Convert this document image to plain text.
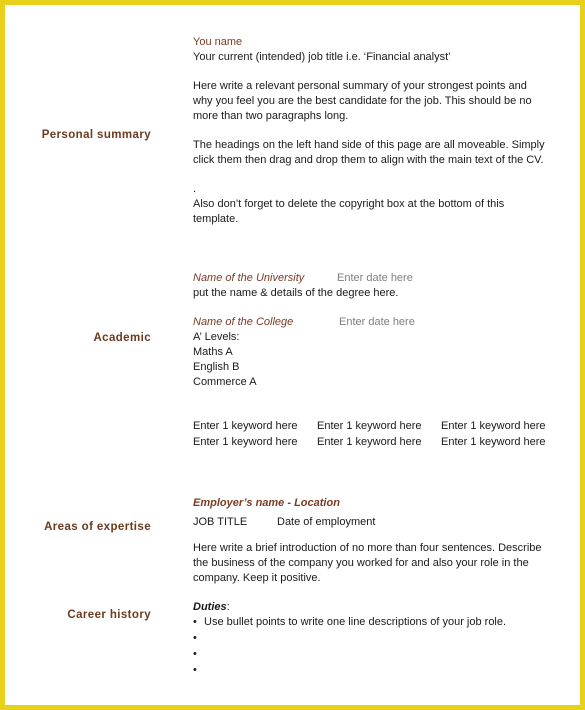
Personal summary
Academic
Areas of expertise
Career history
You name
Your current (intended) job title i.e. ‘Financial analyst’
Here write a relevant personal summary of your strongest points and why you feel you are the best candidate for the job. This should be no more than two paragraphs long.
The headings on the left hand side of this page are all moveable. Simply click them then drag and drop them to align with the main text of the CV.
.
Also don’t forget to delete the copyright box at the bottom of this template.
Name of the University	Enter date here
put the name & details of the degree here.
Name of the College	Enter date here
A’ Levels:
Maths A
English B
Commerce A
Enter 1 keyword here Enter 1 keyword here Enter 1 keyword here
Enter 1 keyword here Enter 1 keyword here Enter 1 keyword here
Employer’s name - Location
JOB TITLE	Date of employment
Here write a brief introduction of no more than four sentences. Describe the business of the company you worked for and also your role in the company. Keep it positive.
Duties:
• Use bullet points to write one line descriptions of your job role.
•
•
•
